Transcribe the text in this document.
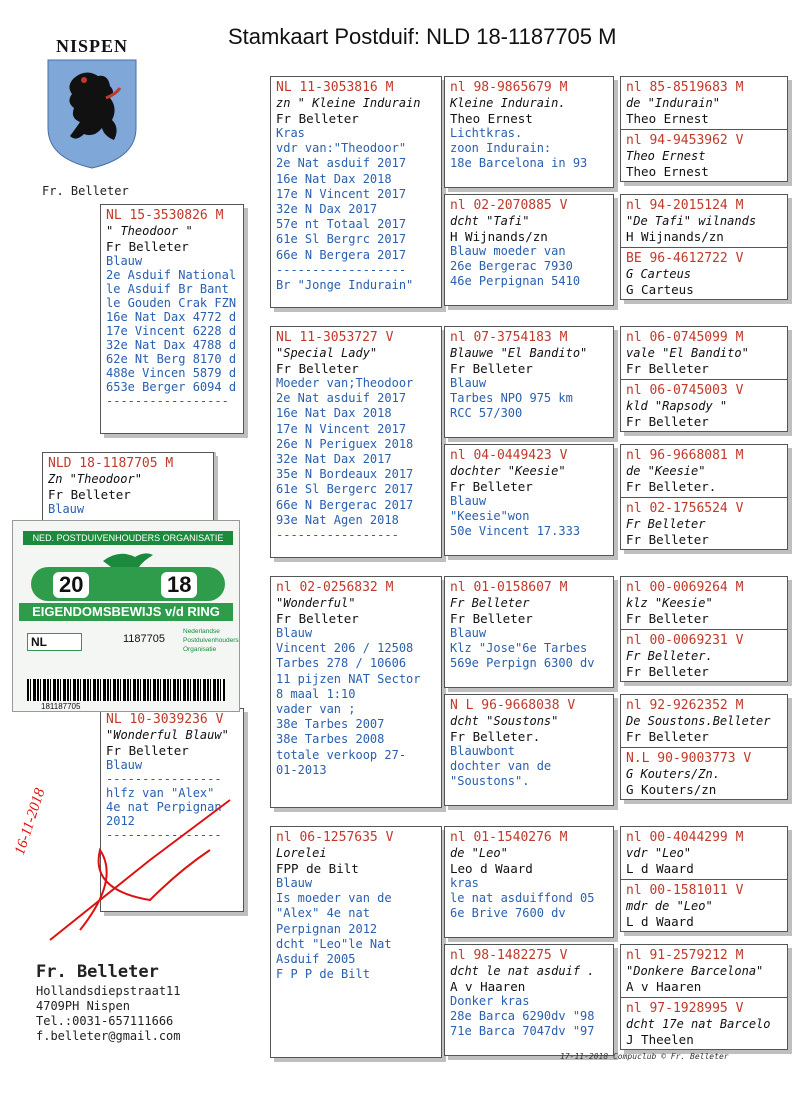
Stamkaart Postduif: NLD 18-1187705 M
NISPEN
Fr. Belleter
NLD 18-1187705 M
Zn "Theodoor"
Fr Belleter
Blauw
NL 15-3530826 M
" Theodoor "
Fr Belleter
Blauw
2e Asduif National
le Asduif Br Bant
le Gouden Crak FZN
16e Nat Dax 4772 d
17e Vincent 6228 d
32e Nat Dax 4788 d
62e Nt Berg 8170 d
488e Vincen 5879 d
653e Berger 6094 d
-----------------
NL 10-3039236 V
"Wonderful Blauw"
Fr Belleter
Blauw
----------------
hlfz van "Alex"
4e nat Perpignan
2012
----------------
NL 11-3053816 M
zn " Kleine Indurain
Fr Belleter
Kras
vdr van:"Theodoor"
2e Nat asduif 2017
16e Nat Dax 2018
17e N Vincent 2017
32e N Dax 2017
57e nt Totaal 2017
61e Sl Bergrc 2017
66e N Bergera 2017
------------------
Br "Jonge Indurain"
NL 11-3053727 V
"Special Lady"
Fr Belleter
Moeder van;Theodoor
2e Nat asduif 2017
16e Nat Dax 2018
17e N Vincent 2017
26e N Periguex 2018
32e Nat Dax 2017
35e N Bordeaux 2017
61e Sl Bergerc 2017
66e N Bergerac 2017
93e Nat Agen 2018
-----------------
nl 02-0256832 M
"Wonderful"
Fr Belleter
Blauw
Vincent 206 / 12508
Tarbes 278 / 10606
11 pijzen NAT Sector
8 maal 1:10
vader van ;
38e Tarbes 2007
38e Tarbes 2008
totale verkoop 27-
01-2013
nl 06-1257635 V
Lorelei
FPP de Bilt
Blauw
Is moeder van de
"Alex" 4e nat
Perpignan 2012
dcht "Leo"le Nat
Asduif 2005
F P P de Bilt
nl 98-9865679 M
Kleine Indurain.
Theo Ernest
Lichtkras.
zoon Indurain:
18e Barcelona in 93
nl 02-2070885 V
dcht "Tafi"
H Wijnands/zn
Blauw moeder van
26e Bergerac 7930
46e Perpignan 5410
nl 07-3754183 M
Blauwe "El Bandito"
Fr Belleter
Blauw
Tarbes NPO 975 km
RCC 57/300
nl 04-0449423 V
dochter "Keesie"
Fr Belleter
Blauw
"Keesie"won
50e Vincent 17.333
nl 01-0158607 M
Fr Belleter
Fr Belleter
Blauw
Klz "Jose"6e Tarbes
569e Perpign 6300 dv
N L 96-9668038 V
dcht "Soustons"
Fr Belleter.
Blauwbont
dochter van de
"Soustons".
nl 01-1540276 M
de "Leo"
Leo d Waard
kras
le nat asduiffond 05
6e Brive 7600 dv
nl 98-1482275 V
dcht le nat asduif .
A v Haaren
Donker kras
28e Barca 6290dv "98
71e Barca 7047dv "97
nl 85-8519683 M
de "Indurain"
Theo Ernest
nl 94-9453962 V
Theo Ernest
Theo Ernest
nl 94-2015124 M
"De Tafi" wilnands
H Wijnands/zn
BE 96-4612722 V
G Carteus
G Carteus
nl 06-0745099 M
vale "El Bandito"
Fr Belleter
nl 06-0745003 V
kld "Rapsody "
Fr Belleter
nl 96-9668081 M
de "Keesie"
Fr Belleter.
nl 02-1756524 V
Fr Belleter
Fr Belleter
nl 00-0069264 M
klz "Keesie"
Fr Belleter
nl 00-0069231 V
Fr Belleter.
Fr Belleter
nl 92-9262352 M
De Soustons.Belleter
Fr Belleter
N.L 90-9003773 V
G Kouters/Zn.
G Kouters/zn
nl 00-4044299 M
vdr "Leo"
L d Waard
nl 00-1581011 V
mdr de "Leo"
L d Waard
nl 91-2579212 M
"Donkere Barcelona"
A v Haaren
nl 97-1928995 V
dcht 17e nat Barcelo
J Theelen
NED. POSTDUIVENHOUDERS ORGANISATIE
20	18
EIGENDOMSBEWIJS v/d RING
NL	1187705
Nederlandse Postduivenhouders Organisatie
181187705
16-11-2018
Fr. Belleter
Hollandsdiepstraat11
4709PH Nispen
Tel.:0031-657111666
f.belleter@gmail.com
17-11-2018 Compuclub © Fr. Belleter
